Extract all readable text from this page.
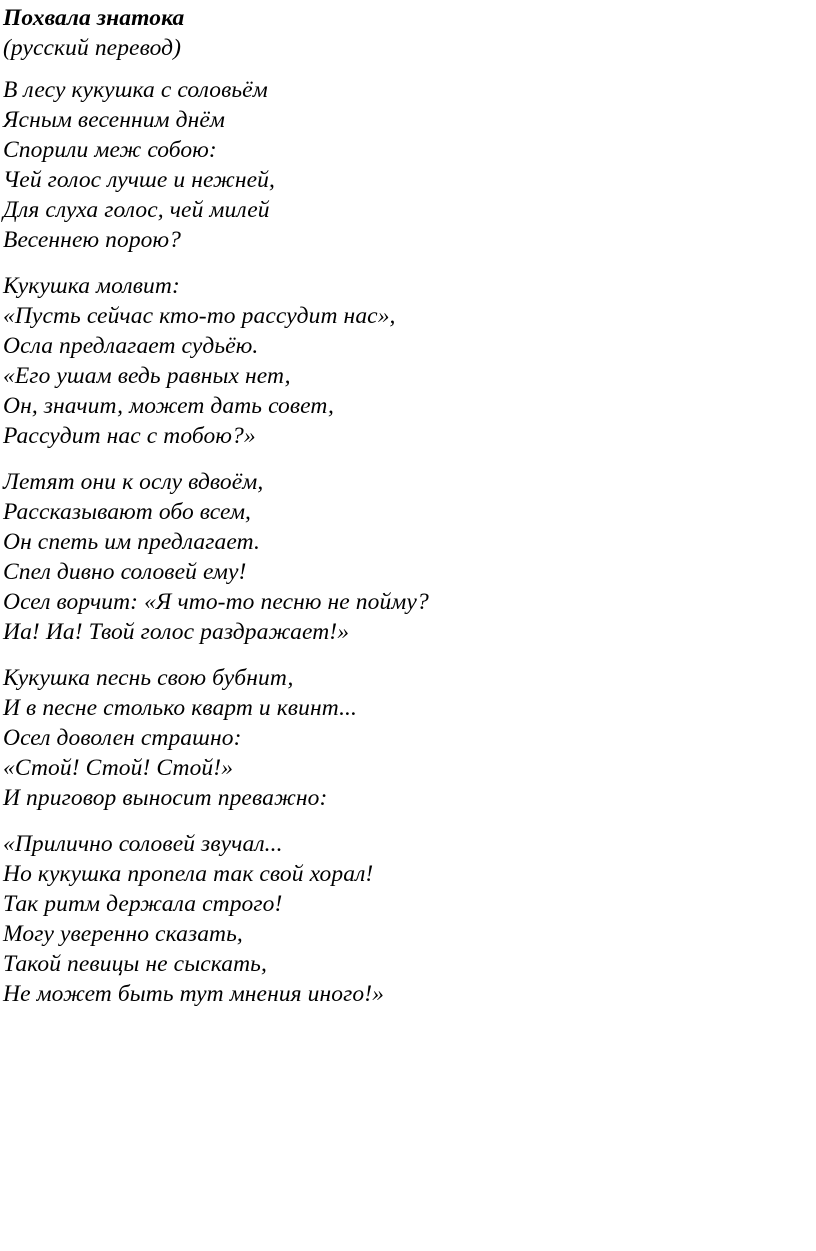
Похвала знатока
(русский перевод)
В лесу кукушка с соловьём
Ясным весенним днём
Спорили меж собою:
Чей голос лучше и нежней,
Для слуха голос, чей милей
Весеннею порою?
Кукушка молвит:
«Пусть сейчас кто-то рассудит нас»,
Осла предлагает судьёю.
«Его ушам ведь равных нет,
Он, значит, может дать совет,
Рассудит нас с тобою?»
Летят они к ослу вдвоём,
Рассказывают обо всем,
Он спеть им предлагает.
Спел дивно соловей ему!
Осел ворчит: «Я что-то песню не пойму?
Иа! Иа! Твой голос раздражает!»
Кукушка песнь свою бубнит,
И в песне столько кварт и квинт...
Осел доволен страшно:
«Стой! Стой! Стой!»
И приговор выносит преважно:
«Прилично соловей звучал...
Но кукушка пропела так свой хорал!
Так ритм держала строго!
Могу уверенно сказать,
Такой певицы не сыскать,
Не может быть тут мнения иного!»
